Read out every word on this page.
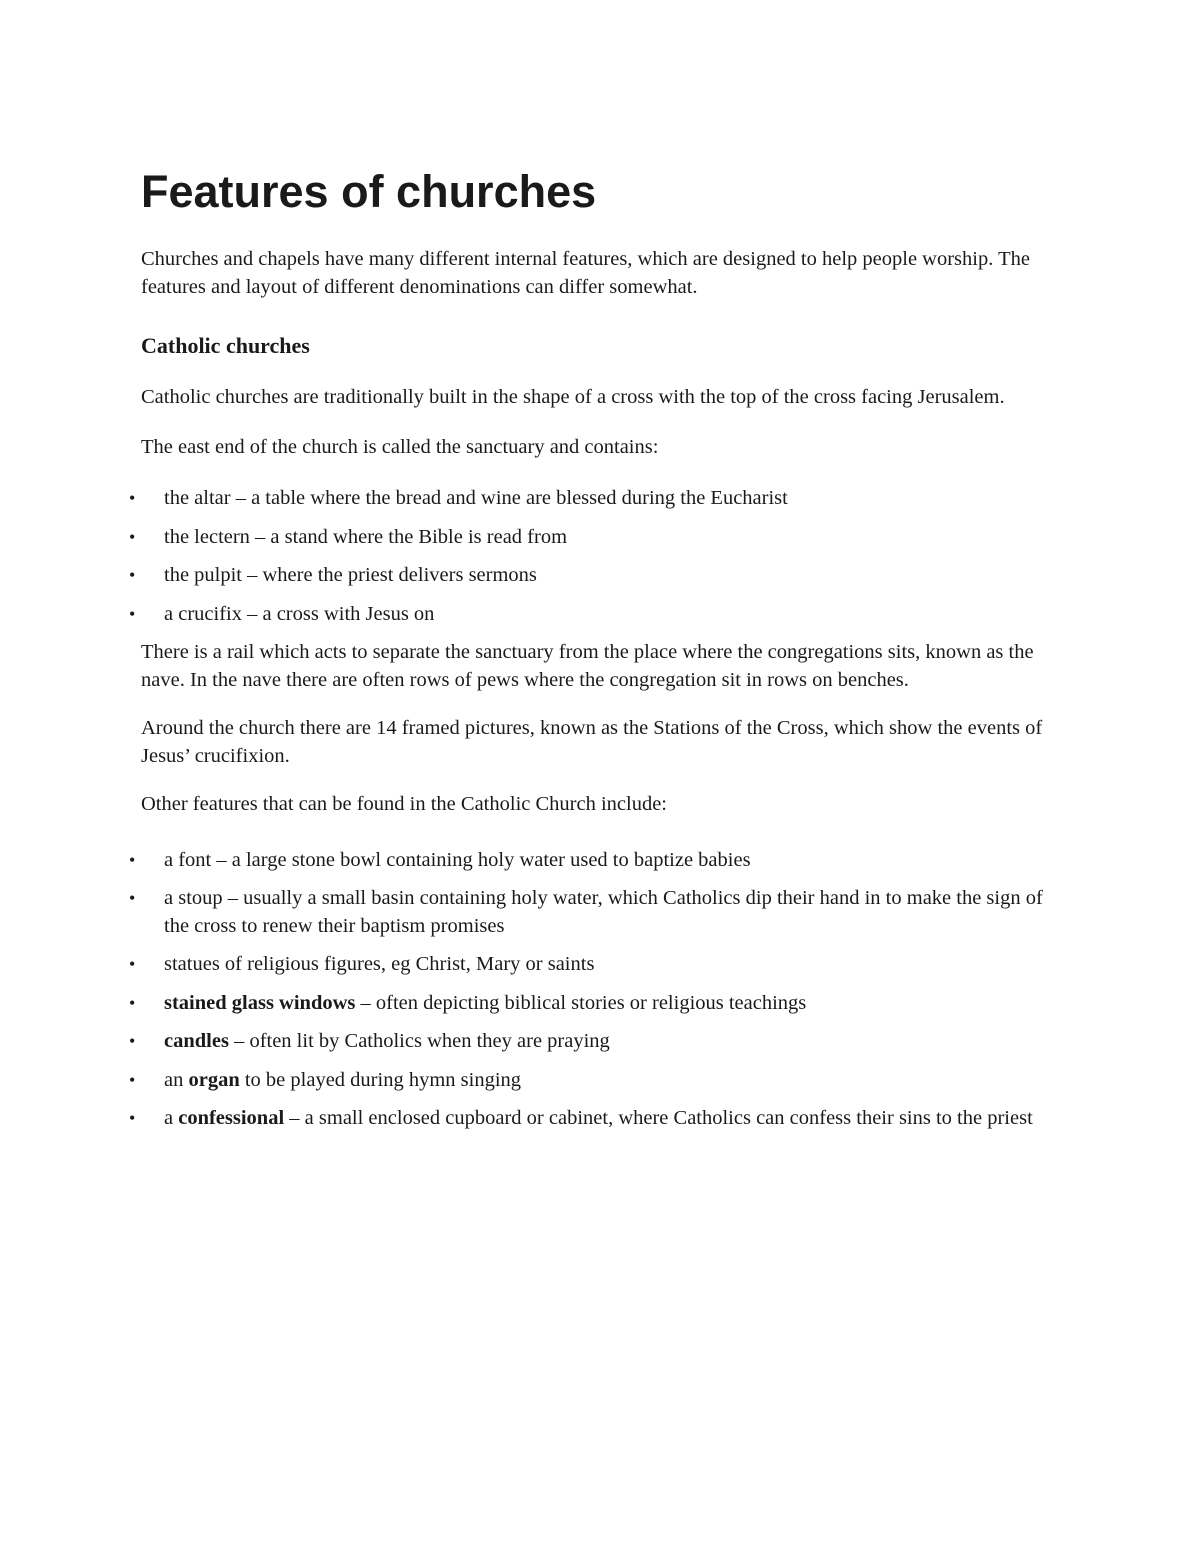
Features of churches

Churches and chapels have many different internal features, which are designed to help people worship. The features and layout of different denominations can differ somewhat.

Catholic churches

Catholic churches are traditionally built in the shape of a cross with the top of the cross facing Jerusalem.

The east end of the church is called the sanctuary and contains:

• the altar – a table where the bread and wine are blessed during the Eucharist
• the lectern – a stand where the Bible is read from
• the pulpit – where the priest delivers sermons
• a crucifix – a cross with Jesus on

There is a rail which acts to separate the sanctuary from the place where the congregations sits, known as the nave. In the nave there are often rows of pews where the congregation sit in rows on benches.

Around the church there are 14 framed pictures, known as the Stations of the Cross, which show the events of Jesus’ crucifixion.

Other features that can be found in the Catholic Church include:

• a font – a large stone bowl containing holy water used to baptize babies
• a stoup – usually a small basin containing holy water, which Catholics dip their hand in to make the sign of the cross to renew their baptism promises
• statues of religious figures, eg Christ, Mary or saints
• stained glass windows – often depicting biblical stories or religious teachings
• candles – often lit by Catholics when they are praying
• an organ to be played during hymn singing
• a confessional – a small enclosed cupboard or cabinet, where Catholics can confess their sins to the priest
